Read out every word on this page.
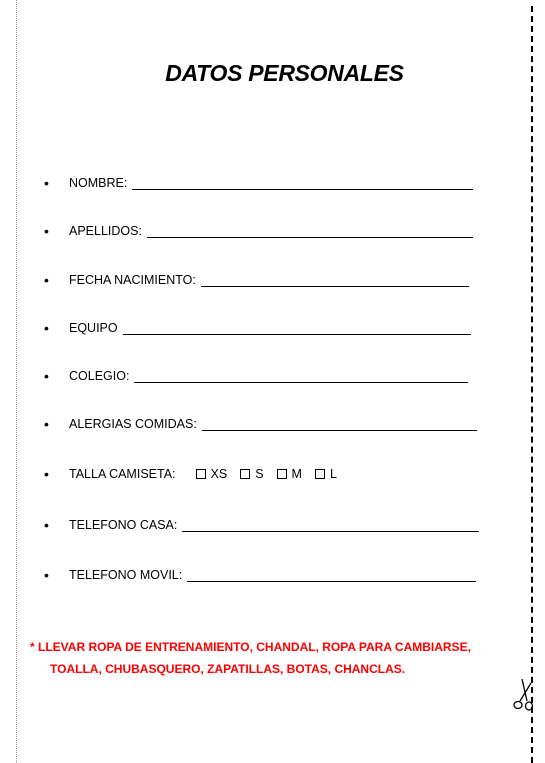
DATOS PERSONALES
•	NOMBRE:
•	APELLIDOS:
•	FECHA NACIMIENTO:
•	EQUIPO
•	COLEGIO:
•	ALERGIAS COMIDAS:
•	TALLA CAMISETA:	XS S M L
•	TELEFONO CASA:
•	TELEFONO MOVIL:
* LLEVAR ROPA DE ENTRENAMIENTO, CHANDAL, ROPA PARA CAMBIARSE,
TOALLA, CHUBASQUERO, ZAPATILLAS, BOTAS, CHANCLAS.
